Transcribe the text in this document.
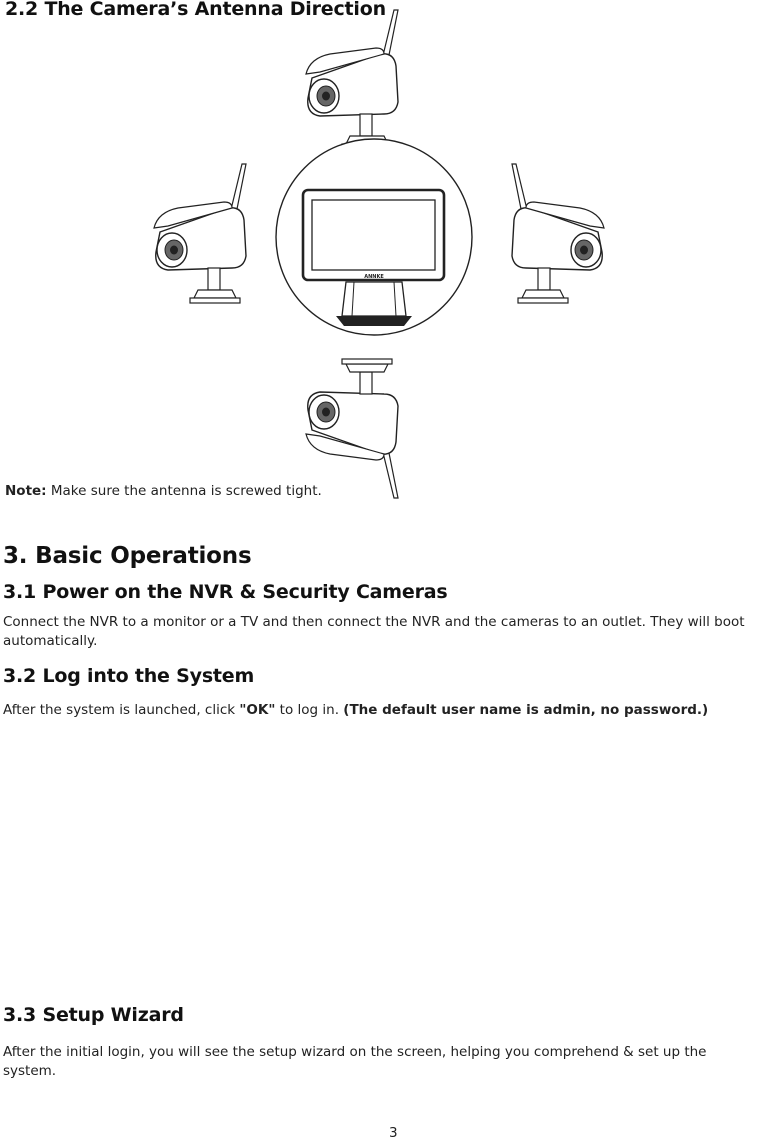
2.2 The Camera’s Antenna Direction
ANNKE
Note: Make sure the antenna is screwed tight.
3. Basic Operations
3.1 Power on the NVR & Security Cameras

Connect the NVR to a monitor or a TV and then connect the NVR and the cameras to an outlet. They will boot automatically.

3.2 Log into the System

After the system is launched, click "OK" to log in. (The default user name is admin, no password.)

3.3 Setup Wizard

After the initial login, you will see the setup wizard on the screen, helping you comprehend & set up the system.

3
